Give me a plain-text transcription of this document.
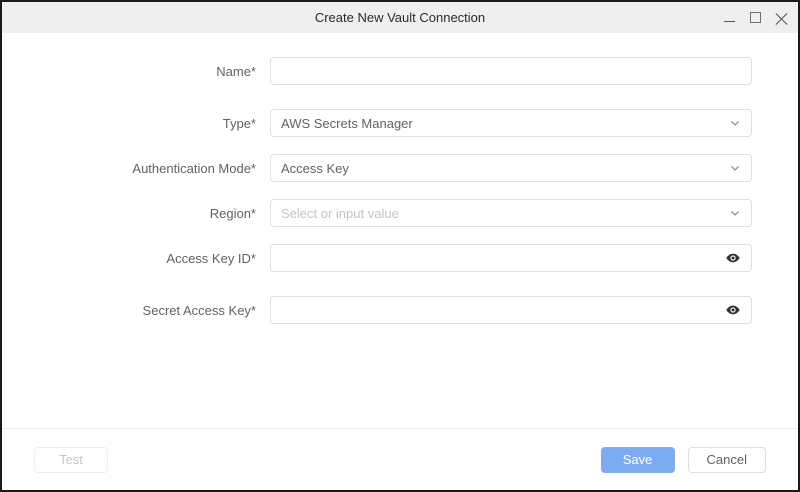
Create New Vault Connection
Name*
Type*	AWS Secrets Manager
Authentication Mode*	Access Key
Region*	Select or input value
Access Key ID*
Secret Access Key*
Test	Save	Cancel
